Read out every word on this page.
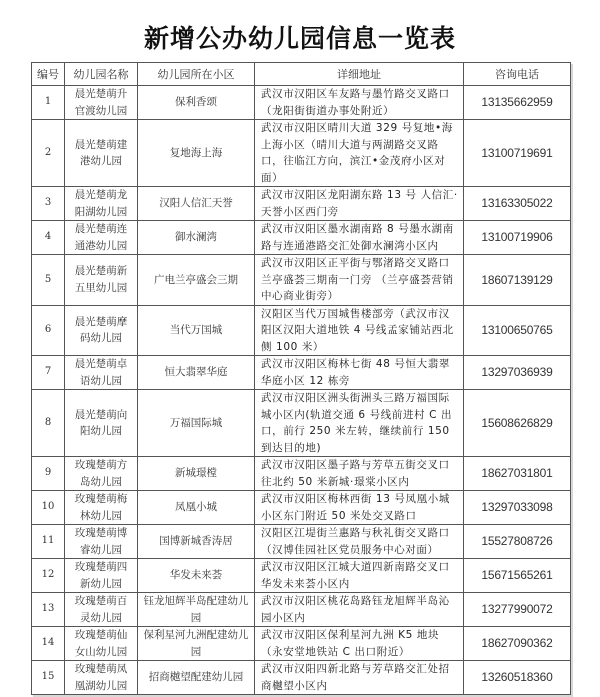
新增公办幼儿园信息一览表
编号	幼儿园名称	幼儿园所在小区	详细地址	咨询电话
1	晨光楚萌升官渡幼儿园	保利香颂	武汉市汉阳区车友路与墨竹路交叉路口（龙阳街街道办事处附近）	13135662959
2	晨光楚萌建港幼儿园	复地海上海	武汉市汉阳区晴川大道 329 号复地•海上海小区（晴川大道与两湖路交叉路口，往临江方向，滨江•金茂府小区对面）	13100719691
3	晨光楚萌龙阳湖幼儿园	汉阳人信汇天誉	武汉市汉阳区龙阳湖东路 13 号 人信汇·天誉小区西门旁	13163305022
4	晨光楚萌连通港幼儿园	御水澜湾	武汉市汉阳区墨水湖南路 8 号墨水湖南路与连通港路交汇处御水澜湾小区内	13100719906
5	晨光楚萌新五里幼儿园	广电兰亭盛会三期	武汉市汉阳区正平街与鄂渚路交叉路口兰亭盛荟三期南一门旁 （兰亭盛荟营销中心商业街旁）	18607139129
6	晨光楚萌摩码幼儿园	当代万国城	汉阳区当代万国城售楼部旁（武汉市汉阳区汉阳大道地铁 4 号线孟家铺站西北侧 100 米）	13100650765
7	晨光楚萌卓语幼儿园	恒大翡翠华庭	武汉市汉阳区梅林七街 48 号恒大翡翠华庭小区 12 栋旁	13297036939
8	晨光楚萌向阳幼儿园	万福国际城	武汉市汉阳区洲头街洲头三路万福国际城小区内(轨道交通 6 号线前进村 C 出口，前行 250 米左转，继续前行 150 到达目的地)	15608626829
9	玫瑰楚萌方岛幼儿园	新城璟樘	武汉市汉阳区墨子路与芳草五街交叉口往北约 50 米新城·璟棠小区内	18627031801
10	玫瑰楚萌梅林幼儿园	凤凰小城	武汉市汉阳区梅林西街 13 号凤凰小城小区东门附近 50 米处交叉路口	13297033098
11	玫瑰楚萌博睿幼儿园	国博新城香涛居	汉阳区江堤街兰惠路与秋礼街交叉路口（汉博佳园社区党员服务中心对面）	15527808726
12	玫瑰楚萌四新幼儿园	华发未来荟	武汉市汉阳区江城大道四新南路交叉口华发未来荟小区内	15671565261
13	玫瑰楚萌百灵幼儿园	钰龙旭辉半岛配建幼儿园	武汉市汉阳区桃花岛路钰龙旭辉半岛沁园小区内	13277990072
14	玫瑰楚萌仙女山幼儿园	保利星河九洲配建幼儿园	武汉市汉阳区保利星河九洲 K5 地块 （永安堂地铁站 C 出口附近）	18627090362
15	玫瑰楚萌凤凰湖幼儿园	招商樾望配建幼儿园	武汉市汉阳四新北路与芳草路交汇处招商樾望小区内	13260518360
